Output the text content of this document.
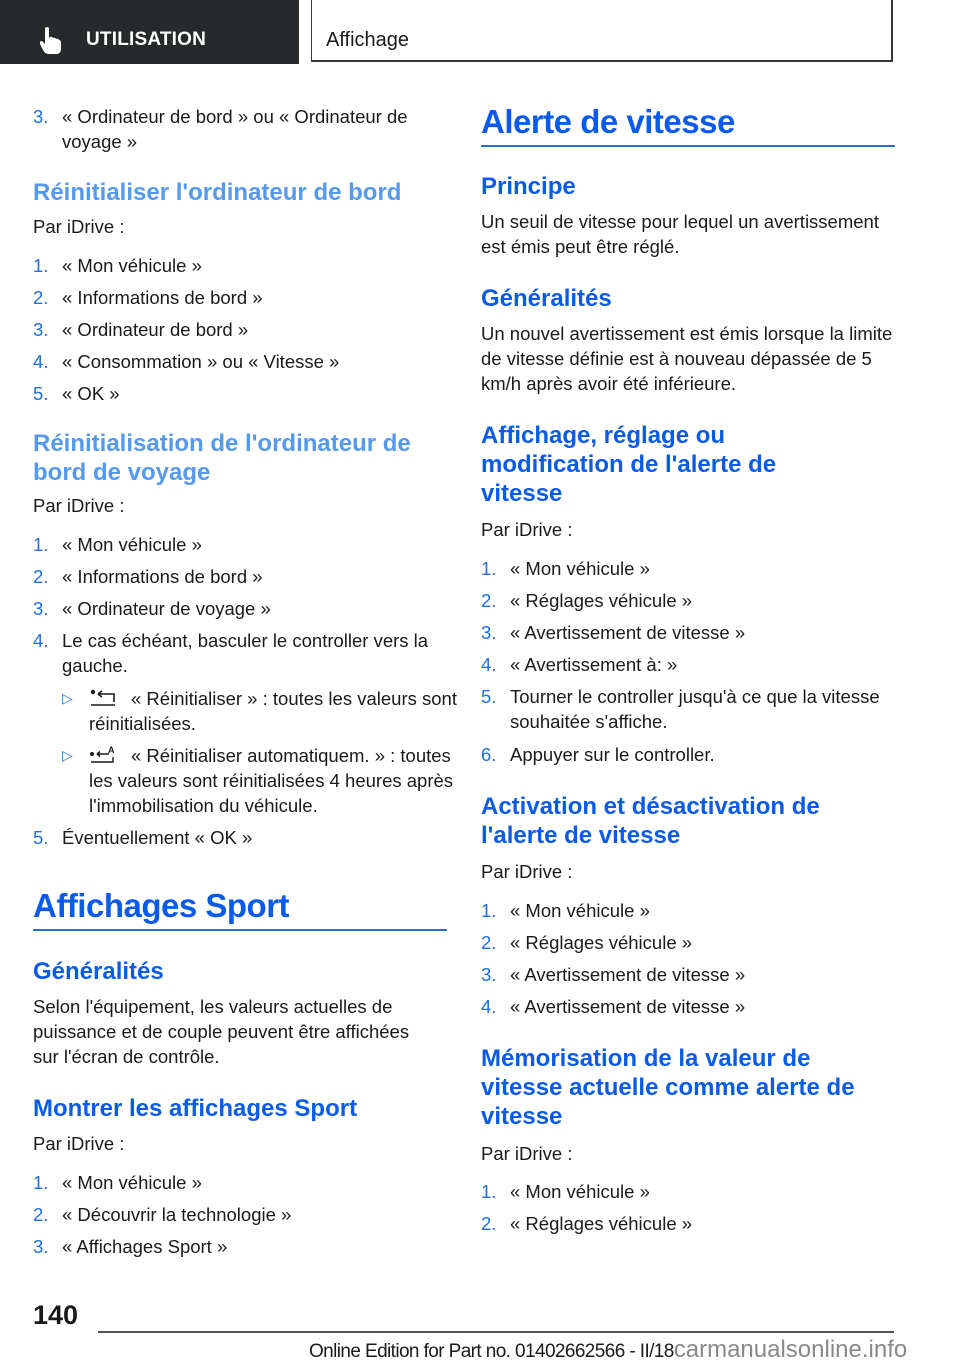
UTILISATION	Affichage
3. « Ordinateur de bord » ou « Ordinateur de voyage »
Réinitialiser l'ordinateur de bord
Par iDrive :
1. « Mon véhicule »
2. « Informations de bord »
3. « Ordinateur de bord »
4. « Consommation » ou « Vitesse »
5. « OK »
Réinitialisation de l'ordinateur de bord de voyage
Par iDrive :
1. « Mon véhicule »
2. « Informations de bord »
3. « Ordinateur de voyage »
4. Le cas échéant, basculer le controller vers la gauche.
▷	« Réinitialiser » : toutes les valeurs sont réinitialisées.
▷	A « Réinitialiser automatiquem. » : toutes les valeurs sont réinitialisées 4 heures après l'immobilisation du véhicule.
5. Éventuellement « OK »
Affichages Sport
Généralités
Selon l'équipement, les valeurs actuelles de puissance et de couple peuvent être affichées sur l'écran de contrôle.
Montrer les affichages Sport
Par iDrive :
1. « Mon véhicule »
2. « Découvrir la technologie »
3. « Affichages Sport »
Alerte de vitesse
Principe
Un seuil de vitesse pour lequel un avertissement est émis peut être réglé.
Généralités
Un nouvel avertissement est émis lorsque la limite de vitesse définie est à nouveau dépassée de 5 km/h après avoir été inférieure.
Affichage, réglage ou modification de l'alerte de vitesse
Par iDrive :
1. « Mon véhicule »
2. « Réglages véhicule »
3. « Avertissement de vitesse »
4. « Avertissement à: »
5. Tourner le controller jusqu'à ce que la vitesse souhaitée s'affiche.
6. Appuyer sur le controller.
Activation et désactivation de l'alerte de vitesse
Par iDrive :
1. « Mon véhicule »
2. « Réglages véhicule »
3. « Avertissement de vitesse »
4. « Avertissement de vitesse »
Mémorisation de la valeur de vitesse actuelle comme alerte de vitesse
Par iDrive :
1. « Mon véhicule »
2. « Réglages véhicule »
140
Online Edition for Part no. 01402662566 - II/18carmanualsonline.info
